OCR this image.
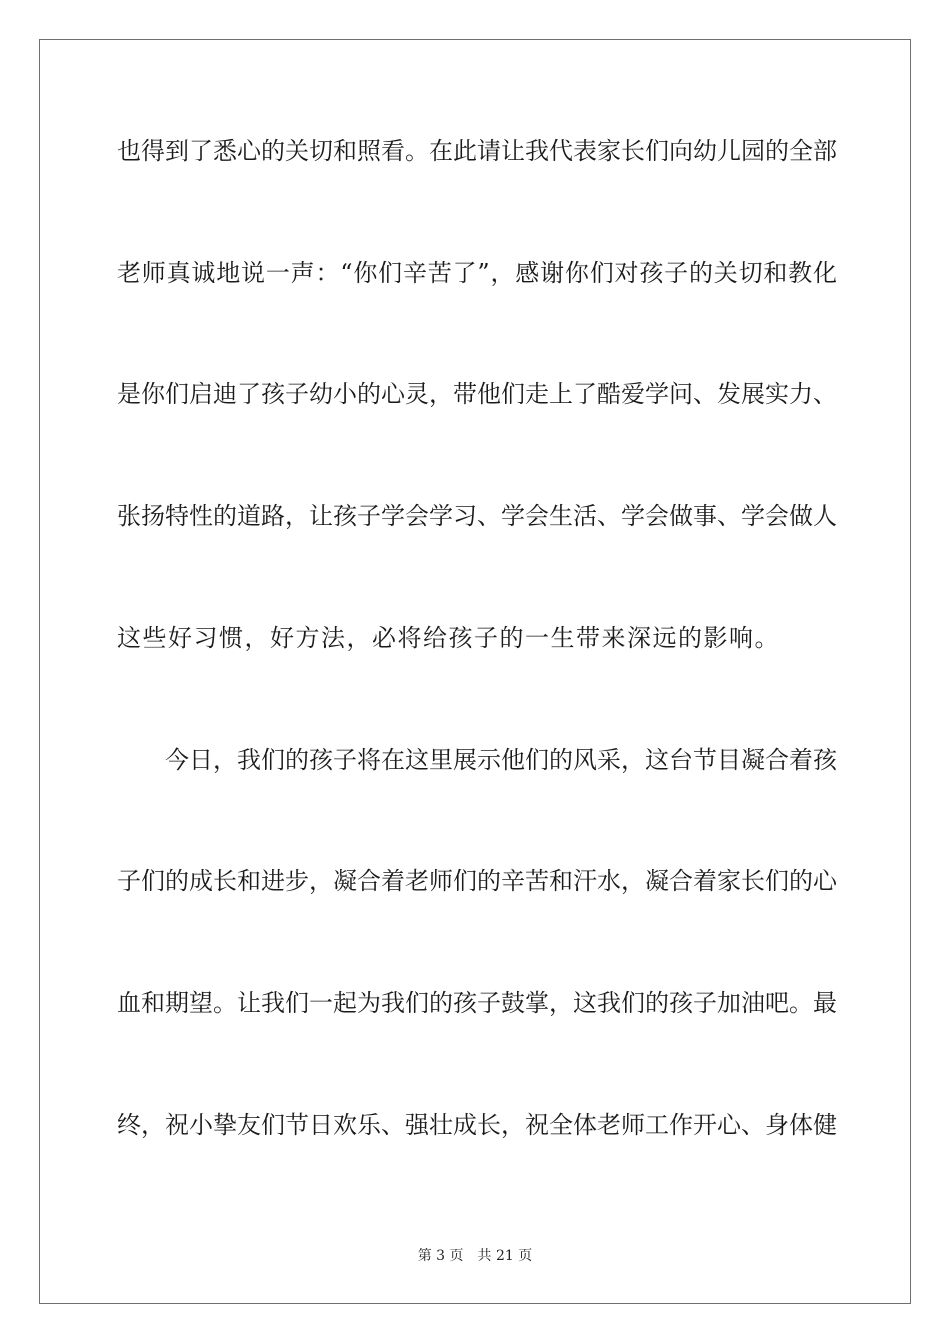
也得到了悉心的关切和照看。在此请让我代表家长们向幼儿园的全部
老师真诚地说一声：“你们辛苦了”，感谢你们对孩子的关切和教化
是你们启迪了孩子幼小的心灵，带他们走上了酷爱学问、发展实力、
张扬特性的道路，让孩子学会学习、学会生活、学会做事、学会做人
这些好习惯，好方法，必将给孩子的一生带来深远的影响。
今日，我们的孩子将在这里展示他们的风采，这台节目凝合着孩
子们的成长和进步，凝合着老师们的辛苦和汗水，凝合着家长们的心
血和期望。让我们一起为我们的孩子鼓掌，这我们的孩子加油吧。最
终，祝小挚友们节日欢乐、强壮成长，祝全体老师工作开心、身体健
第 3 页 共 21 页
